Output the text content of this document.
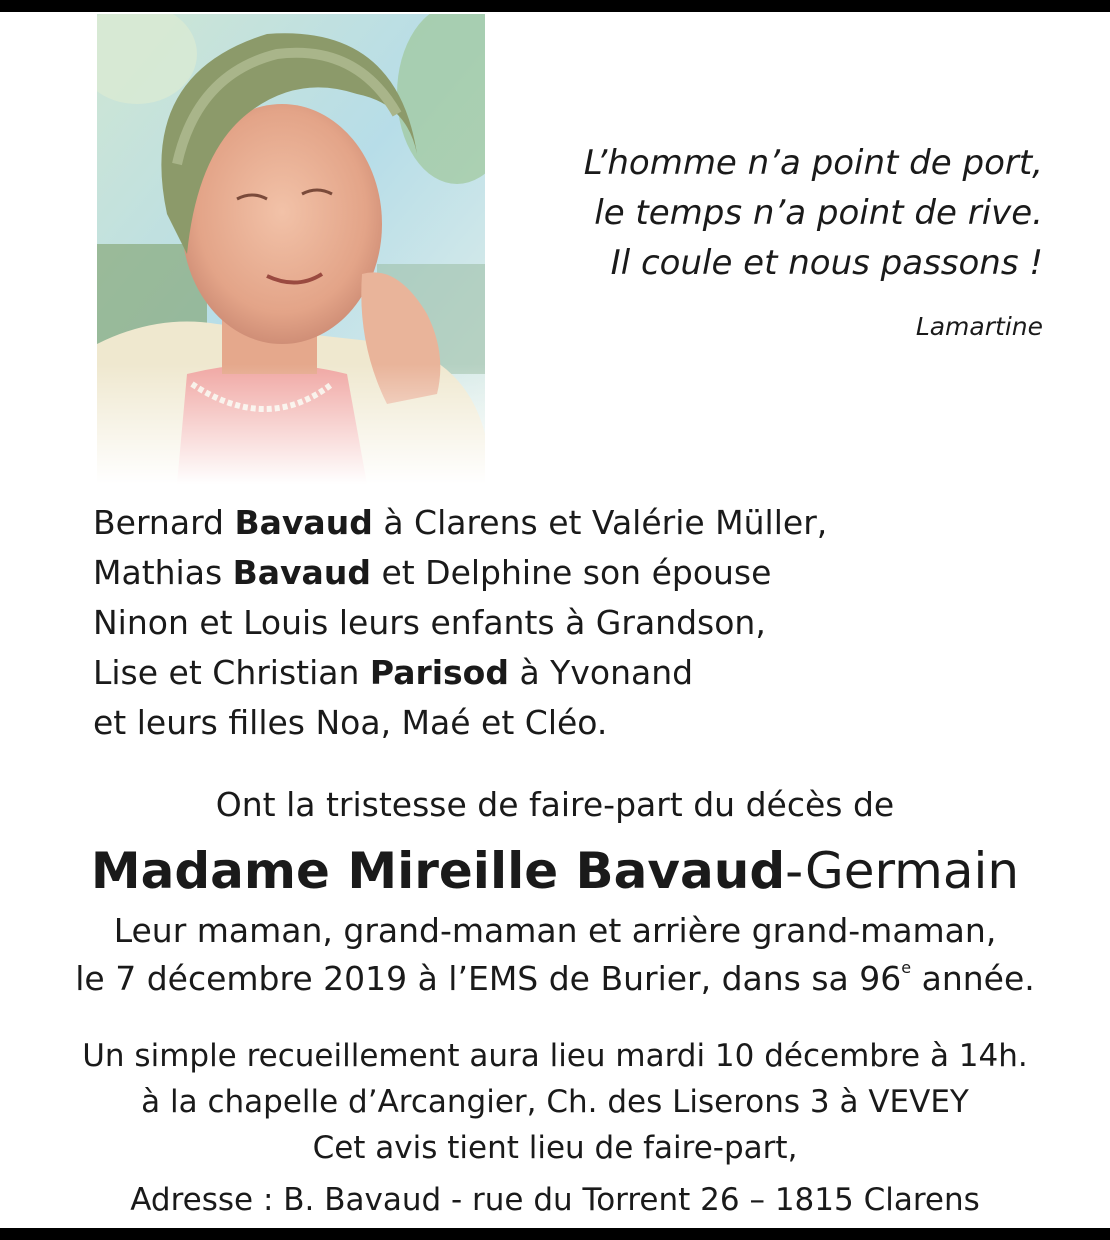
L’homme n’a point de port,
le temps n’a point de rive.
Il coule et nous passons !
Lamartine
Bernard Bavaud à Clarens et Valérie Müller,
Mathias Bavaud et Delphine son épouse
Ninon et Louis leurs enfants à Grandson,
Lise et Christian Parisod à Yvonand
et leurs filles Noa, Maé et Cléo.
Ont la tristesse de faire-part du décès de
Madame Mireille Bavaud-Germain
Leur maman, grand-maman et arrière grand-maman,
le 7 décembre 2019 à l’EMS de Burier, dans sa 96e année.
Un simple recueillement aura lieu mardi 10 décembre à 14h.
à la chapelle d’Arcangier, Ch. des Liserons 3 à VEVEY
Cet avis tient lieu de faire-part,
Adresse : B. Bavaud - rue du Torrent 26 – 1815 Clarens
